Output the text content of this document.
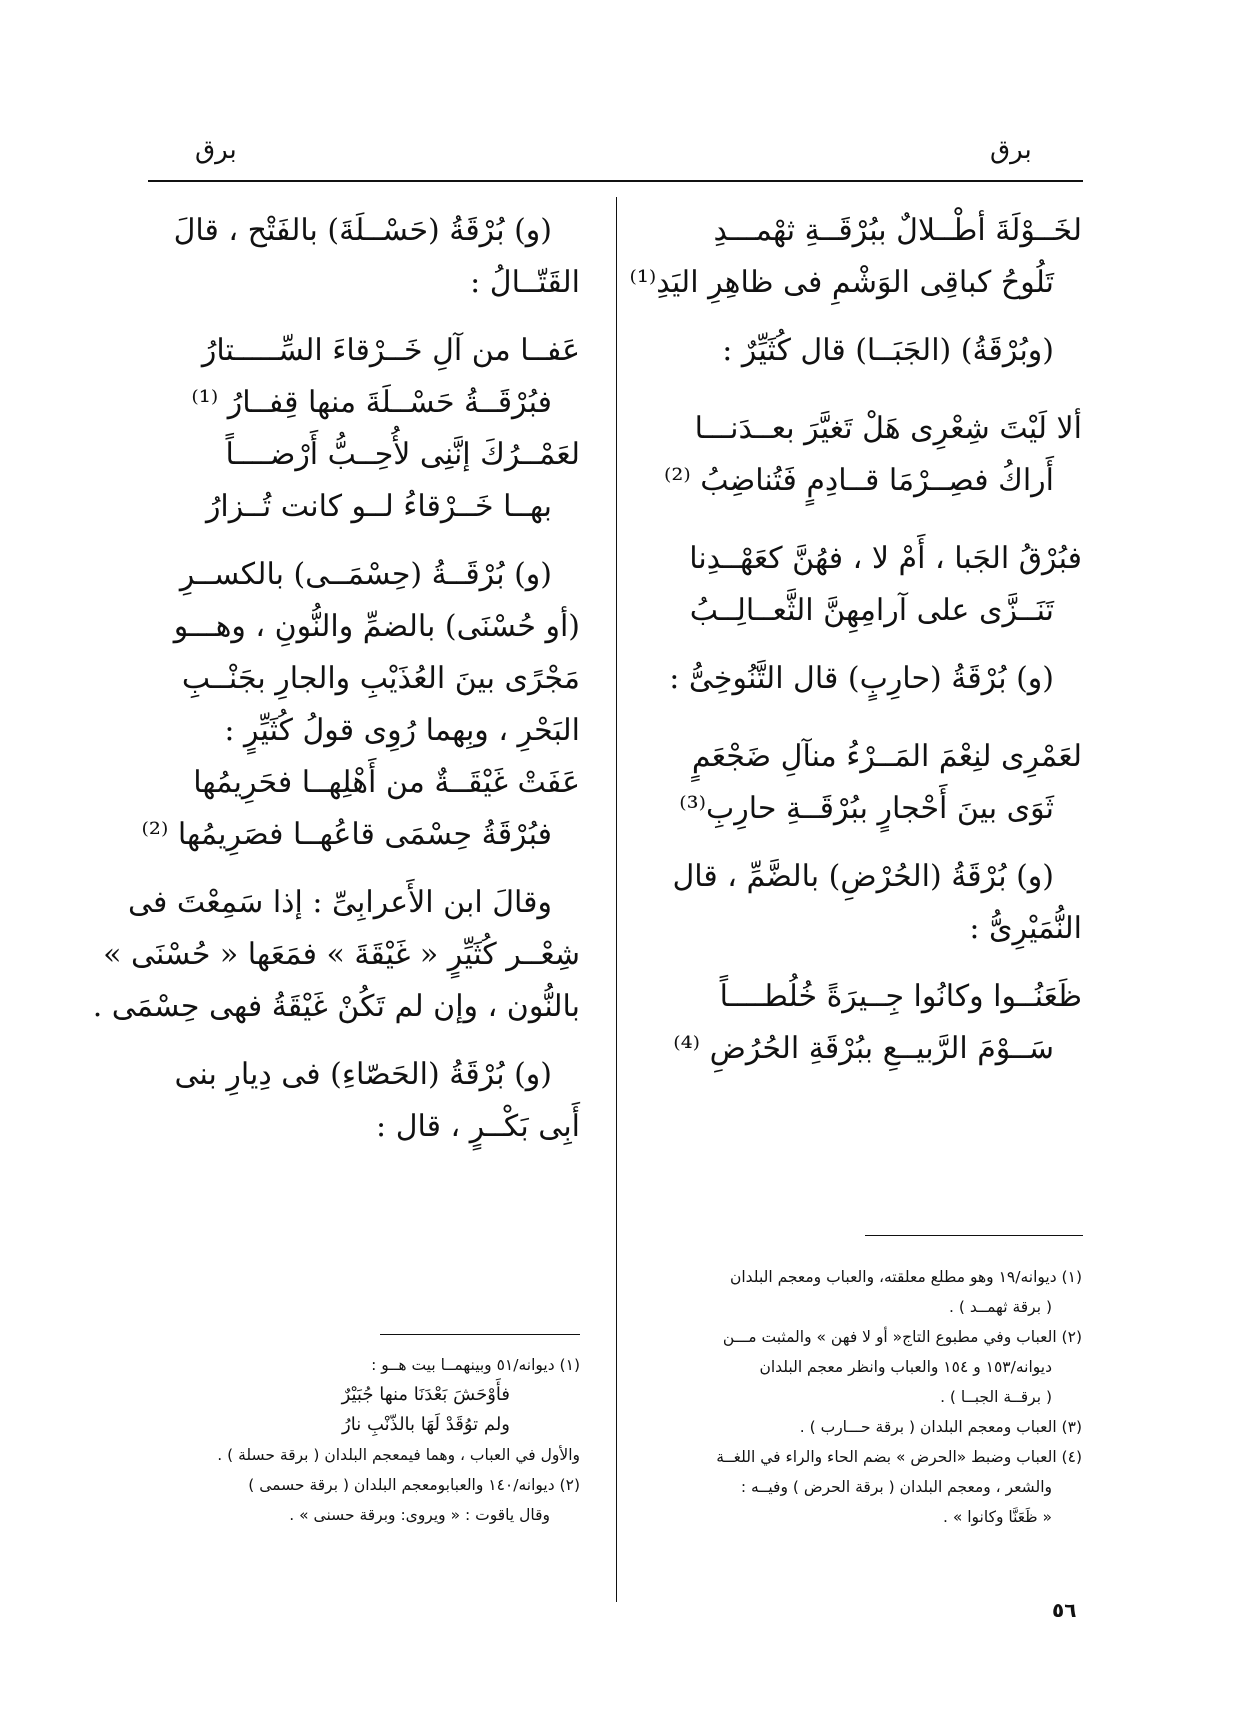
برق	برق
لخَــوْلَةَ أطْــلالٌ ببُرْقَــةِ ثهْمـــدِ
تَلُوحُ كباقِى الوَشْمِ فى ظاهِرِ اليَدِ⁽¹⁾
(وبُرْقَةُ) (الجَبَــا) قال كُثَيِّرٌ :
ألا لَيْتَ شِعْرِى هَلْ تَغيَّرَ بعــدَنـــا
أَراكُ فصِــرْمَا قــادِمٍ فَتُناضِبُ ⁽²⁾
فبُرْقُ الجَبا ، أَمْ لا ، فهُنَّ كعَهْــدِنا
تَنَــزَّى على آرامِهِنَّ الثَّعــالِــبُ
(و) بُرْقَةُ (حارِبٍ) قال التَّنُوخِىُّ :
لعَمْرِى لنِعْمَ المَــرْءُ منآلِ ضَجْعَمٍ
ثَوَى بينَ أَحْجارٍ ببُرْقَــةِ حارِبِ⁽³⁾
(و) بُرْقَةُ (الحُرْضِ) بالضَّمِّ ، قال
النُّمَيْرِىُّ :
ظَعَنُــوا وكانُوا جِــيرَةً خُلُطــــاً
سَــوْمَ الرَّبيــعِ ببُرْقَةِ الحُرُضِ ⁽⁴⁾
(١) ديوانه/١٩ وهو مطلع معلقته، والعباب ومعجم البلدان
( برقة ثهمــد ) .
(٢) العباب وفي مطبوع التاج« أو لا فهن » والمثبت مـــن
ديوانه/١٥٣ و ١٥٤ والعباب وانظر معجم البلدان
( برقــة الجبــا ) .
(٣) العباب ومعجم البلدان ( برقة حـــارب ) .
(٤) العباب وضبط «الحرض » بضم الحاء والراء في اللغــة
والشعر ، ومعجم البلدان ( برقة الحرض ) وفيــه :
« ظَعَنَّا وكانوا » .
(و) بُرْقَةُ (حَسْــلَةَ) بالفَتْح ، قالَ
القَتّــالُ :
عَفــا من آلِ خَــرْقاءَ السِّـــــتارُ
فبُرْقَــةُ حَسْــلَةَ منها قِفــارُ ⁽¹⁾
لعَمْــرُكَ إنَّنِى لأُحِــبُّ أَرْضــــاً
بهــا خَــرْقاءُ لــو كانت تُــزارُ
(و) بُرْقَــةُ (حِسْمَــى) بالكســرِ
(أو حُسْنَى) بالضمِّ والنُّونِ ، وهـــو
مَجْرًى بينَ العُذَيْبِ والجارِ بجَنْــبِ
البَحْرِ ، وبِهما رُوِى قولُ كُثَيِّرٍ :
عَفَتْ غَيْقَــةٌ من أَهْلِهــا فحَرِيمُها
فبُرْقَةُ حِسْمَى قاعُهــا فصَرِيمُها ⁽²⁾
وقالَ ابن الأَعرابِىِّ : إذا سَمِعْتَ فى
شِعْــر كُثَيِّرٍ « غَيْقَةَ » فمَعَها « حُسْنَى »
بالنُّون ، وإن لم تَكُنْ غَيْقَةُ فهى حِسْمَى .
(و) بُرْقَةُ (الحَصّاءِ) فى دِيارِ بنى
أَبِى بَكْــرٍ ، قال :
(١) ديوانه/٥١ وبينهمــا بيت هــو :
فأَوْحَشَ بَعْدَنَا منها جُبَيْرٌ
ولم توُقَدْ لَهَا بالذّنْبِ نارُ
والأول في العباب ، وهما فيمعجم البلدان ( برقة حسلة ) .
(٢) ديوانه/١٤٠ والعبابومعجم البلدان ( برقة حسمى )
وقال ياقوت : « ويروى: وبرقة حسنى » .
٥٦
